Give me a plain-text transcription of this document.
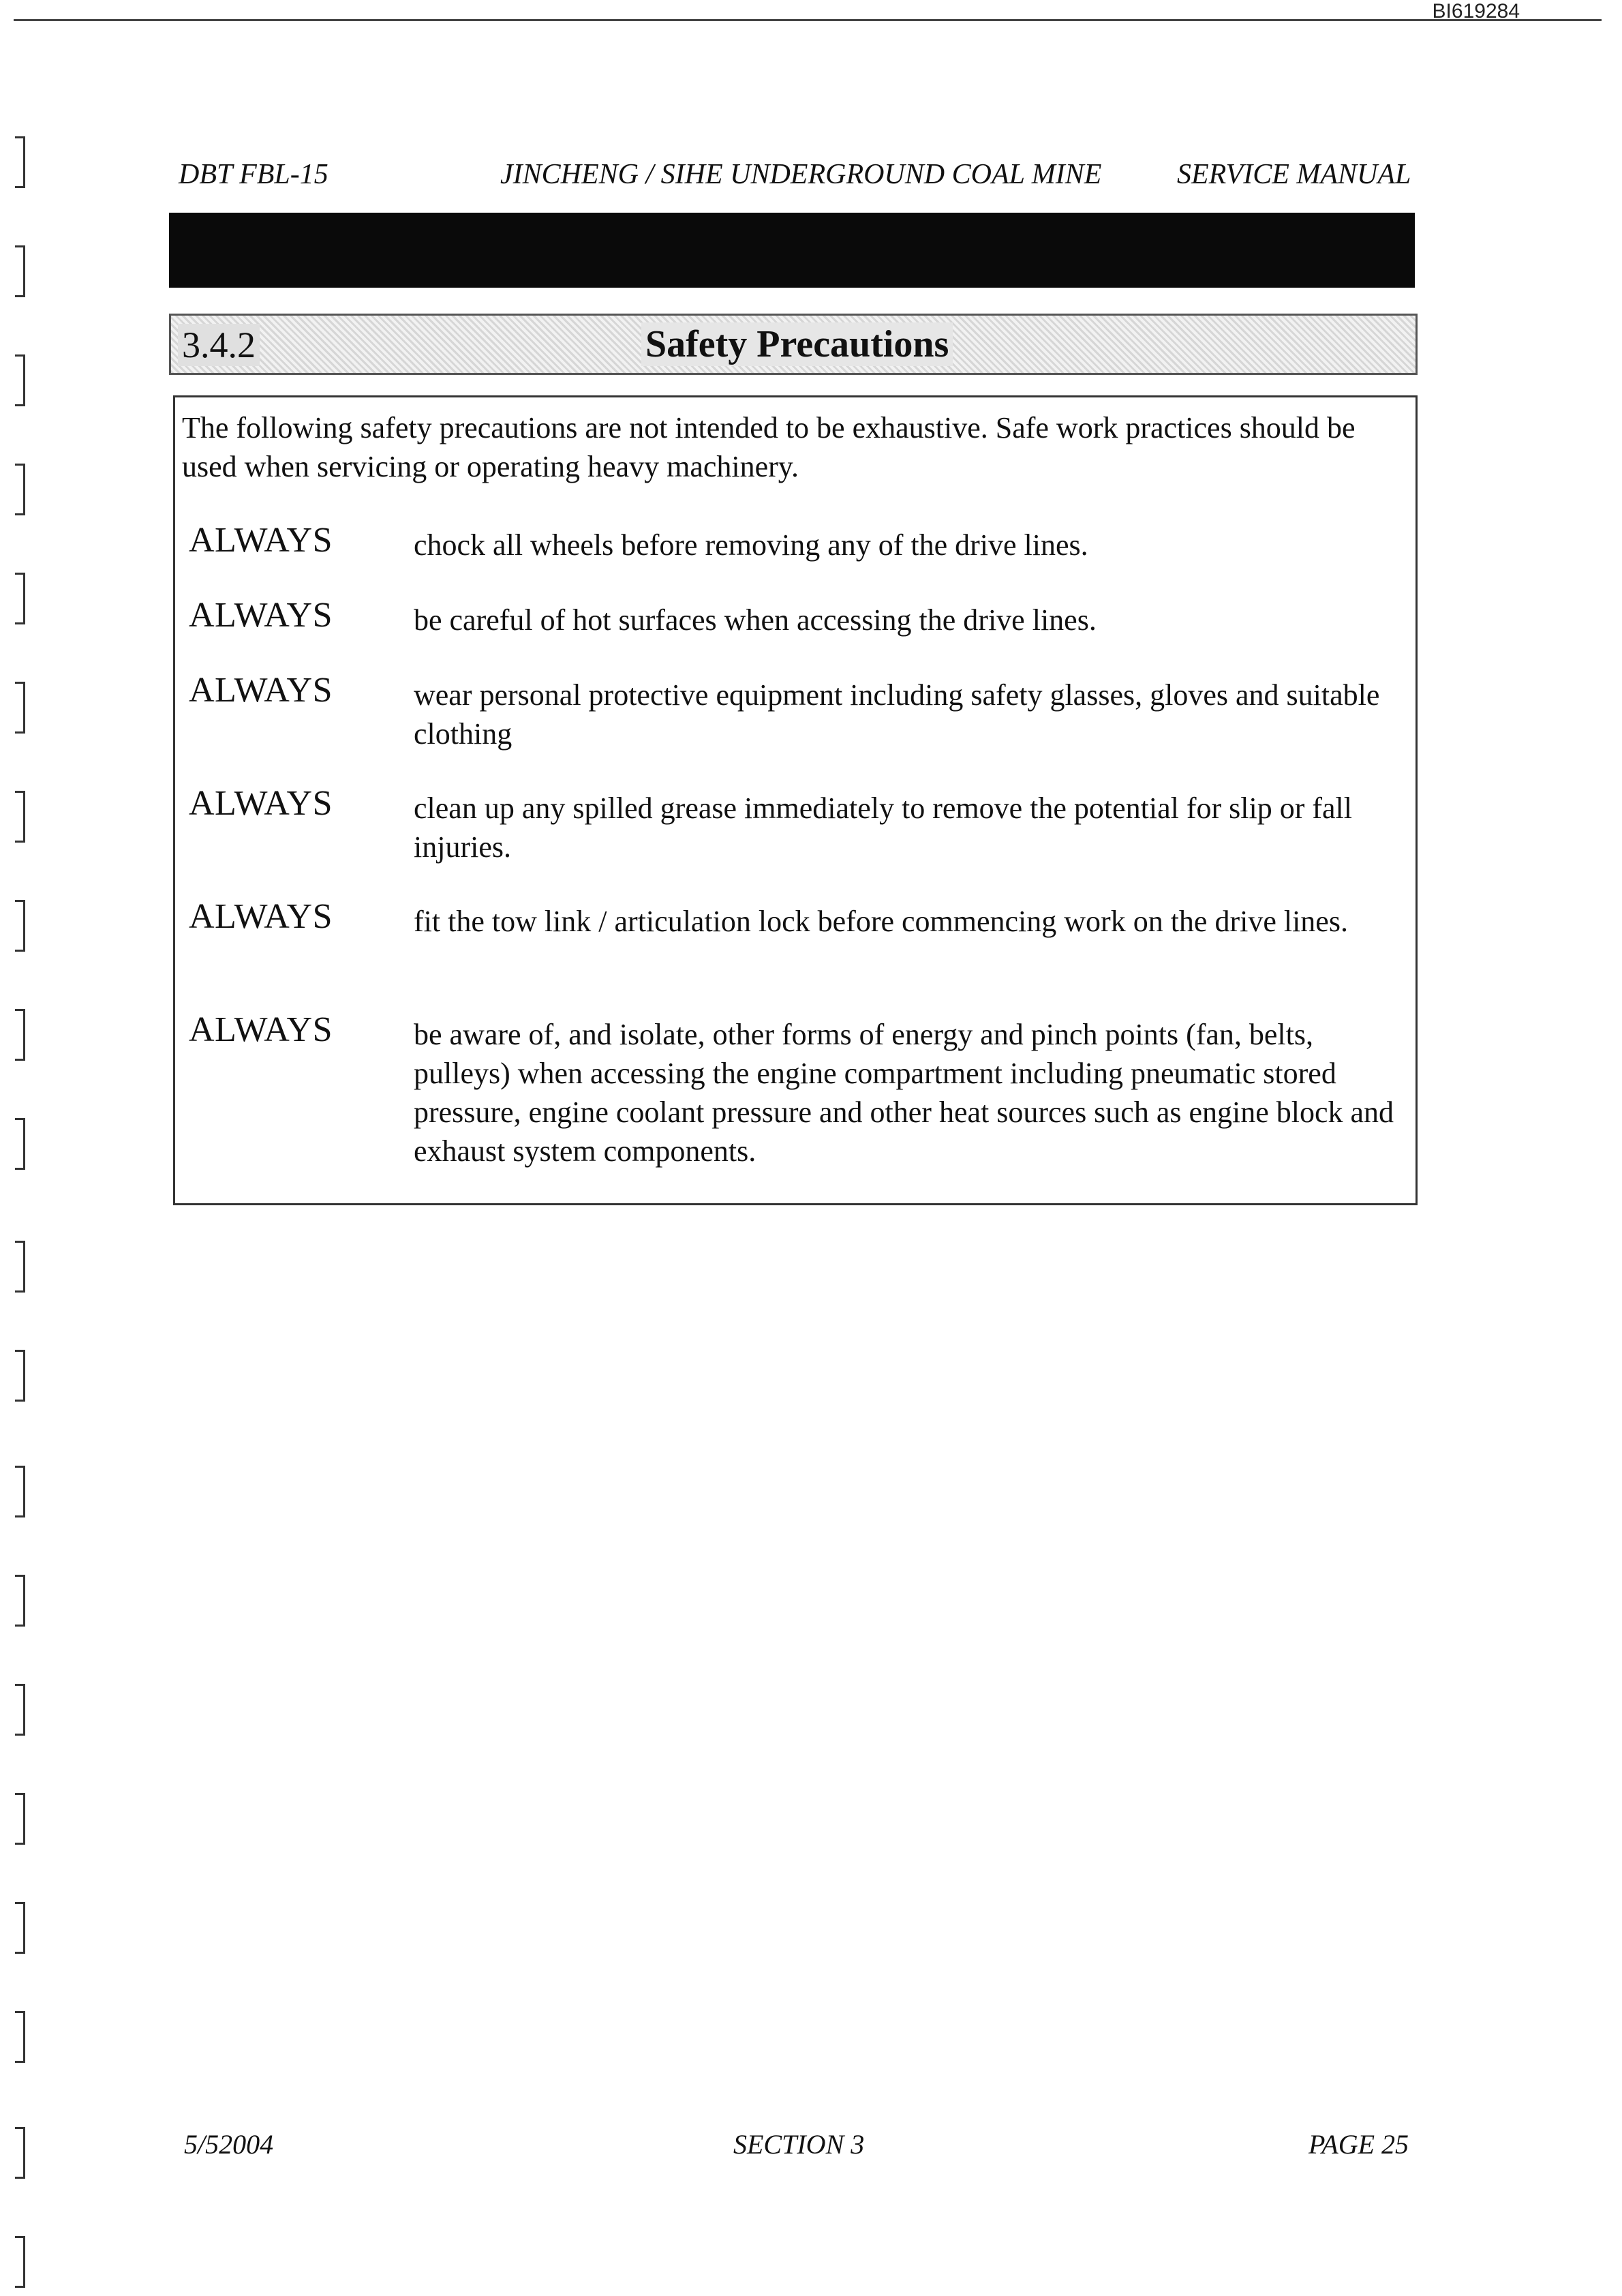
BI619284
DBT FBL-15	JINCHENG / SIHE UNDERGROUND COAL MINE	SERVICE MANUAL
3.4.2	Safety Precautions
The following safety precautions are not intended to be exhaustive. Safe work practices should be used when servicing or operating heavy machinery.
ALWAYS	chock all wheels before removing any of the drive lines.
ALWAYS	be careful of hot surfaces when accessing the drive lines.
ALWAYS	wear personal protective equipment including safety glasses, gloves and suitable clothing
ALWAYS	clean up any spilled grease immediately to remove the potential for slip or fall injuries.
ALWAYS	fit the tow link / articulation lock before commencing work on the drive lines.
ALWAYS	be aware of, and isolate, other forms of energy and pinch points (fan, belts, pulleys) when accessing the engine compartment including pneumatic stored pressure, engine coolant pressure and other heat sources such as engine block and exhaust system components.
5/52004	SECTION 3	PAGE 25
